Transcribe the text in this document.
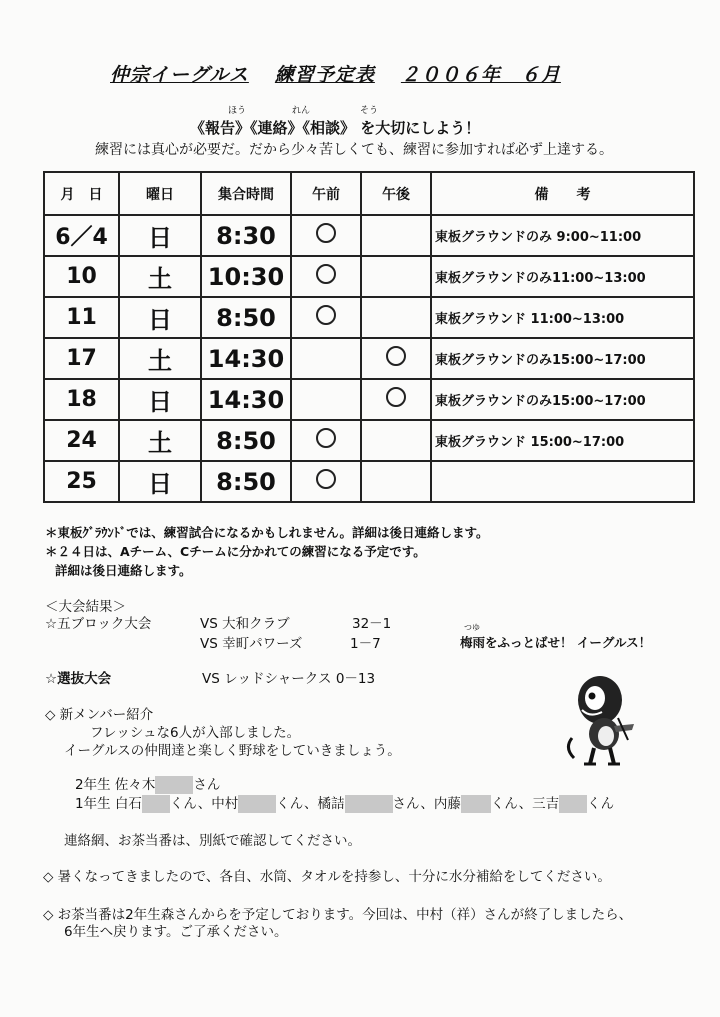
仲宗イーグルス 練習予定表 ２００６年　６月
ほう	れん	そう
《報告》《連絡》《相談》 を大切にしよう！
練習には真心が必要だ。だから少々苦しくても、練習に参加すれば必ず上達する。
月　日	曜日	集合時間	午前	午後	備　　考
6／4	日	8:30			東板グラウンドのみ 9:00~11:00
10	土	10:30			東板グラウンドのみ11:00~13:00
11	日	8:50			東板グラウンド 11:00~13:00
17	土	14:30			東板グラウンドのみ15:00~17:00
18	日	14:30			東板グラウンドのみ15:00~17:00
24	土	8:50			東板グラウンド 15:00~17:00
25	日	8:50			
＊東板ｸﾞﾗｳﾝﾄﾞでは、練習試合になるかもしれません。詳細は後日連絡します。
＊２４日は、Aチーム、Cチームに分かれての練習になる予定です。
詳細は後日連絡します。
＜大会結果＞
☆五ブロック大会	VS 大和クラブ	32－1
VS 幸町パワーズ	1－7
つゆ
梅雨をふっとばせ！ イーグルス！
☆選抜大会	VS レッドシャークス 0－13
◇ 新メンバー紹介
フレッシュな6人が入部しました。
イーグルスの仲間達と楽しく野球をしていきましょう。
2年生 佐々木	さん
1年生 白石 くん、中村	くん、橘詰	さん、内藤 くん、三吉 くん
連絡網、お茶当番は、別紙で確認してください。
◇ 暑くなってきましたので、各自、水筒、タオルを持参し、十分に水分補給をしてください。
◇ お茶当番は2年生森さんからを予定しております。今回は、中村（祥）さんが終了しましたら、
6年生へ戻ります。ご了承ください。
